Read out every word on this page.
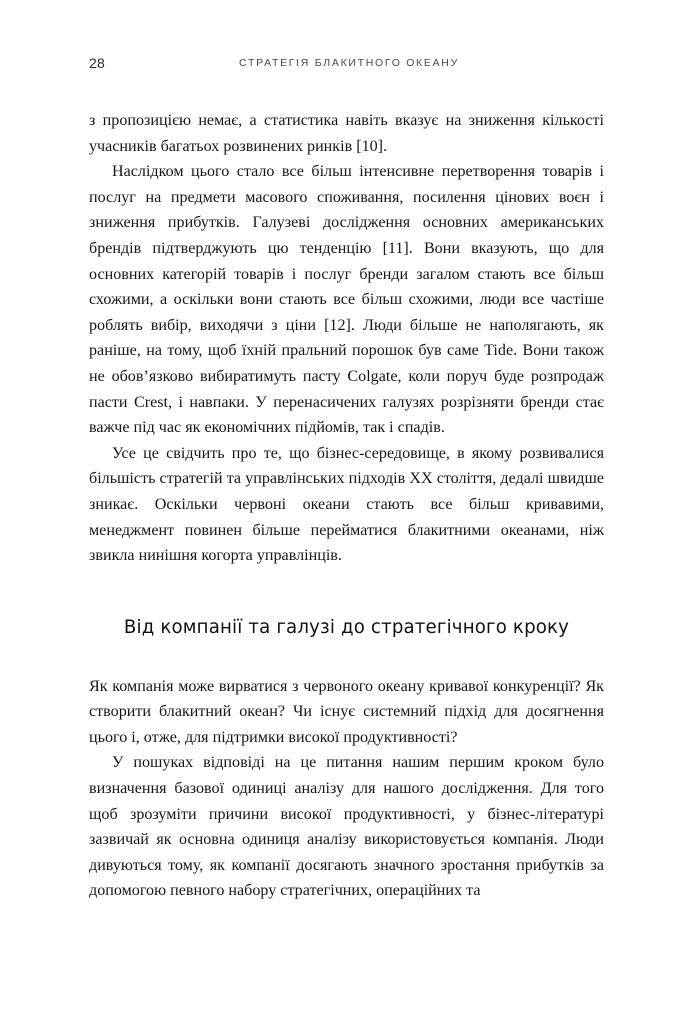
28	СТРАТЕГІЯ БЛАКИТНОГО ОКЕАНУ

з пропозицією немає, а статистика навіть вказує на зниження кількості учасників багатьох розвинених ринків [10].

Наслідком цього стало все більш інтенсивне перетворення товарів і послуг на предмети масового споживання, посилення цінових воєн і зниження прибутків. Галузеві дослідження основних американських брендів підтверджують цю тенденцію [11]. Вони вказують, що для основних категорій товарів і послуг бренди загалом стають все більш схожими, а оскільки вони стають все більш схожими, люди все частіше роблять вибір, виходячи з ціни [12]. Люди більше не наполягають, як раніше, на тому, щоб їхній пральний порошок був саме Tide. Вони також не обов’язково вибиратимуть пасту Colgate, коли поруч буде розпродаж пасти Crest, і навпаки. У перенасичених галузях розрізняти бренди стає важче під час як економічних підйомів, так і спадів.

Усе це свідчить про те, що бізнес-середовище, в якому розвивалися більшість стратегій та управлінських підходів XX століття, дедалі швидше зникає. Оскільки червоні океани стають все більш кривавими, менеджмент повинен більше перейматися блакитними океанами, ніж звикла нинішня когорта управлінців.

Від компанії та галузі до стратегічного кроку

Як компанія може вирватися з червоного океану кривавої конкуренції? Як створити блакитний океан? Чи існує системний підхід для досягнення цього і, отже, для підтримки високої продуктивності?

У пошуках відповіді на це питання нашим першим кроком було визначення базової одиниці аналізу для нашого дослідження. Для того щоб зрозуміти причини високої продуктивності, у бізнес-літературі зазвичай як основна одиниця аналізу використовується компанія. Люди дивуються тому, як компанії досягають значного зростання прибутків за допомогою певного набору стратегічних, операційних та
